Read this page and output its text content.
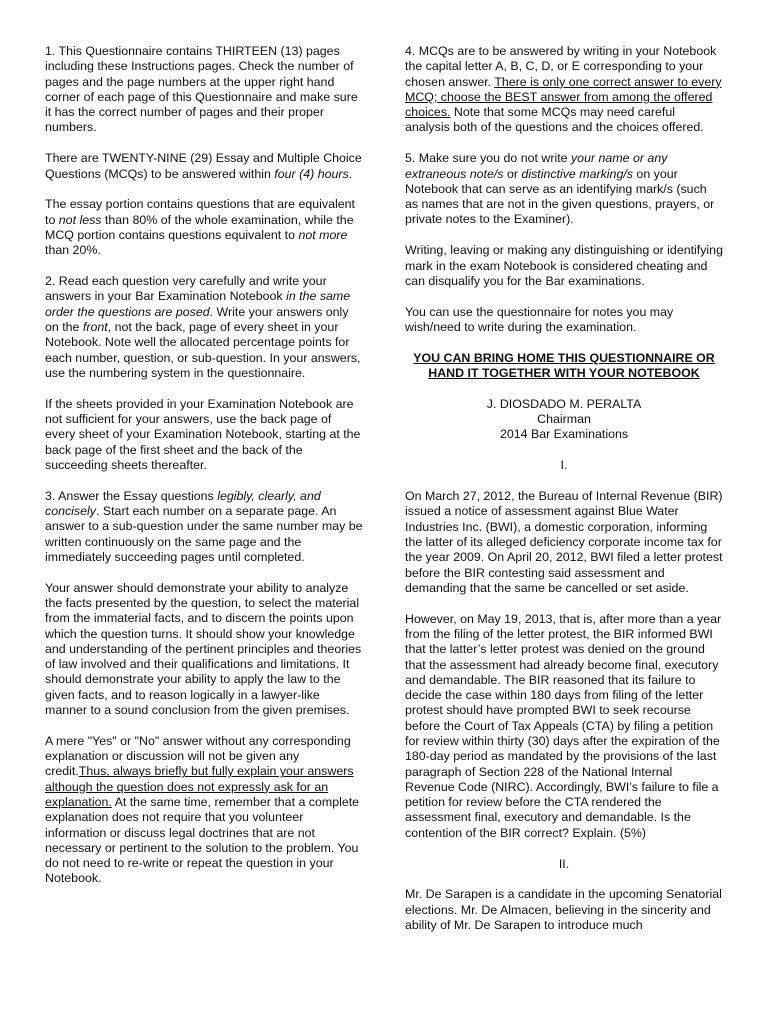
1. This Questionnaire contains THIRTEEN (13) pages including these Instructions pages. Check the number of pages and the page numbers at the upper right hand corner of each page of this Questionnaire and make sure it has the correct number of pages and their proper numbers.

There are TWENTY-NINE (29) Essay and Multiple Choice Questions (MCQs) to be answered within four (4) hours.

The essay portion contains questions that are equivalent to not less than 80% of the whole examination, while the MCQ portion contains questions equivalent to not more than 20%.

2. Read each question very carefully and write your answers in your Bar Examination Notebook in the same order the questions are posed. Write your answers only on the front, not the back, page of every sheet in your Notebook. Note well the allocated percentage points for each number, question, or sub-question. In your answers, use the numbering system in the questionnaire.

If the sheets provided in your Examination Notebook are not sufficient for your answers, use the back page of every sheet of your Examination Notebook, starting at the back page of the first sheet and the back of the succeeding sheets thereafter.

3. Answer the Essay questions legibly, clearly, and concisely. Start each number on a separate page. An answer to a sub-question under the same number may be written continuously on the same page and the immediately succeeding pages until completed.

Your answer should demonstrate your ability to analyze the facts presented by the question, to select the material from the immaterial facts, and to discern the points upon which the question turns. It should show your knowledge and understanding of the pertinent principles and theories of law involved and their qualifications and limitations. It should demonstrate your ability to apply the law to the given facts, and to reason logically in a lawyer-like manner to a sound conclusion from the given premises.

A mere "Yes" or "No" answer without any corresponding explanation or discussion will not be given any credit.Thus, always briefly but fully explain your answers although the question does not expressly ask for an explanation. At the same time, remember that a complete explanation does not require that you volunteer information or discuss legal doctrines that are not necessary or pertinent to the solution to the problem. You do not need to re-write or repeat the question in your Notebook.

4. MCQs are to be answered by writing in your Notebook the capital letter A, B, C, D, or E corresponding to your chosen answer. There is only one correct answer to every MCQ; choose the BEST answer from among the offered choices. Note that some MCQs may need careful analysis both of the questions and the choices offered.

5. Make sure you do not write your name or any extraneous note/s or distinctive marking/s on your Notebook that can serve as an identifying mark/s (such as names that are not in the given questions, prayers, or private notes to the Examiner).

Writing, leaving or making any distinguishing or identifying mark in the exam Notebook is considered cheating and can disqualify you for the Bar examinations.

You can use the questionnaire for notes you may wish/need to write during the examination.

YOU CAN BRING HOME THIS QUESTIONNAIRE OR HAND IT TOGETHER WITH YOUR NOTEBOOK

J. DIOSDADO M. PERALTA
Chairman
2014 Bar Examinations

I.

On March 27, 2012, the Bureau of Internal Revenue (BIR) issued a notice of assessment against Blue Water Industries Inc. (BWI), a domestic corporation, informing the latter of its alleged deficiency corporate income tax for the year 2009. On April 20, 2012, BWI filed a letter protest before the BIR contesting said assessment and demanding that the same be cancelled or set aside.

However, on May 19, 2013, that is, after more than a year from the filing of the letter protest, the BIR informed BWI that the latter’s letter protest was denied on the ground that the assessment had already become final, executory and demandable. The BIR reasoned that its failure to decide the case within 180 days from filing of the letter protest should have prompted BWI to seek recourse before the Court of Tax Appeals (CTA) by filing a petition for review within thirty (30) days after the expiration of the 180-day period as mandated by the provisions of the last paragraph of Section 228 of the National Internal Revenue Code (NIRC). Accordingly, BWI’s failure to file a petition for review before the CTA rendered the assessment final, executory and demandable. Is the contention of the BIR correct? Explain. (5%)

II.

Mr. De Sarapen is a candidate in the upcoming Senatorial elections. Mr. De Almacen, believing in the sincerity and ability of Mr. De Sarapen to introduce much
